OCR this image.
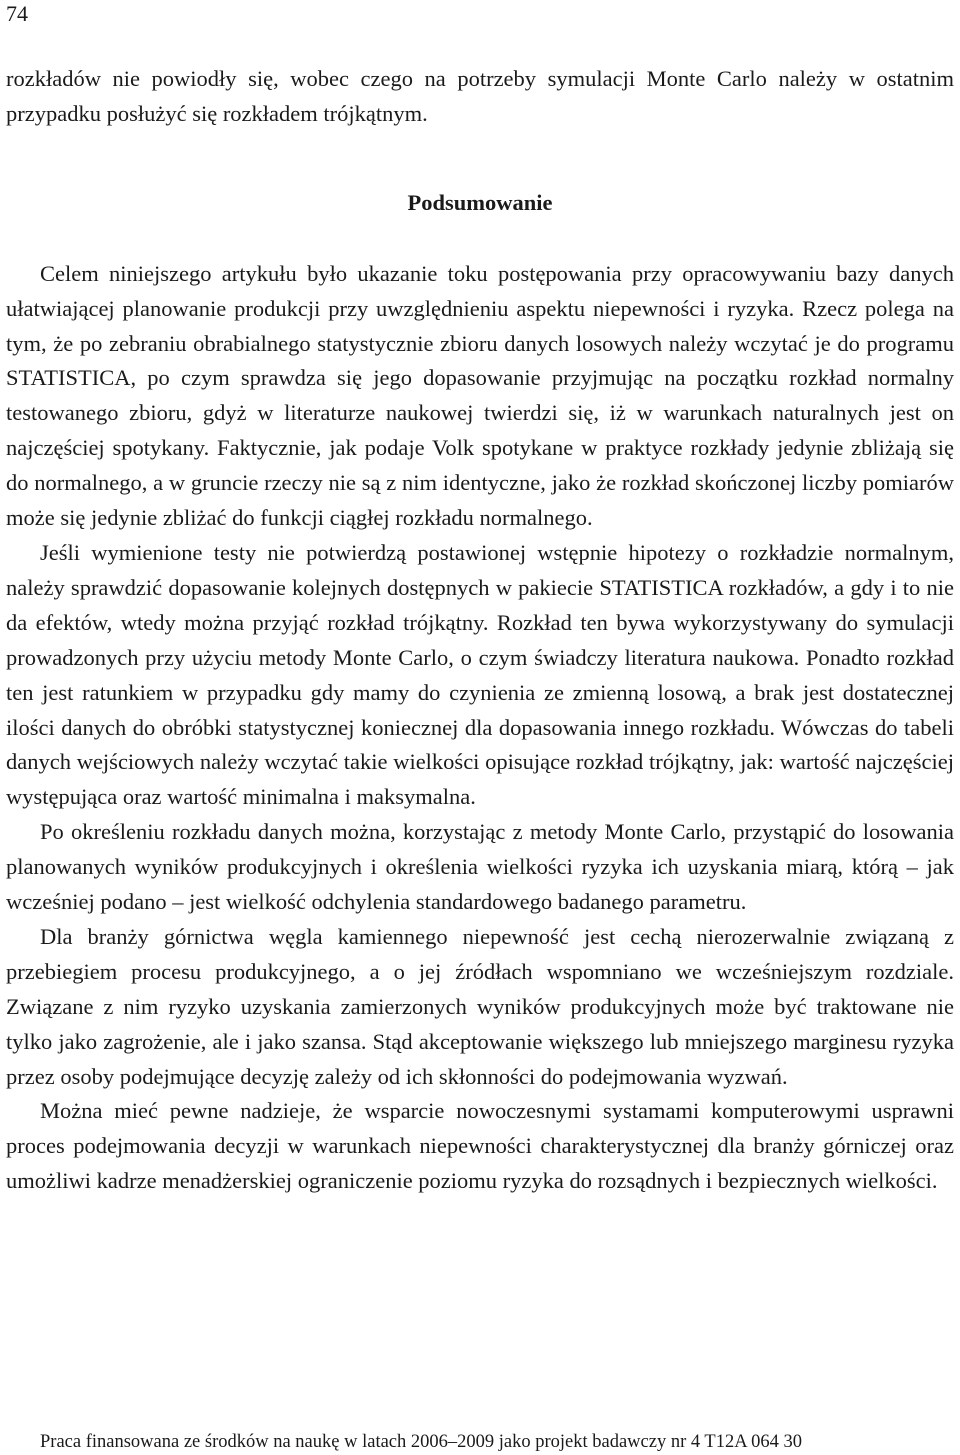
74

rozkładów nie powiodły się, wobec czego na potrzeby symulacji Monte Carlo należy w ostatnim przypadku posłużyć się rozkładem trójkątnym.

Podsumowanie

Celem niniejszego artykułu było ukazanie toku postępowania przy opracowywaniu bazy danych ułatwiającej planowanie produkcji przy uwzględnieniu aspektu niepewności i ryzyka. Rzecz polega na tym, że po zebraniu obrabialnego statystycznie zbioru danych losowych należy wczytać je do programu STATISTICA, po czym sprawdza się jego dopasowanie przyjmując na początku rozkład normalny testowanego zbioru, gdyż w literaturze naukowej twierdzi się, iż w warunkach naturalnych jest on najczęściej spotykany. Faktycznie, jak podaje Volk spotykane w praktyce rozkłady jedynie zbliżają się do normalnego, a w gruncie rzeczy nie są z nim identyczne, jako że rozkład skończonej liczby pomiarów może się jedynie zbliżać do funkcji ciągłej rozkładu normalnego.

Jeśli wymienione testy nie potwierdzą postawionej wstępnie hipotezy o rozkładzie normalnym, należy sprawdzić dopasowanie kolejnych dostępnych w pakiecie STATISTICA rozkładów, a gdy i to nie da efektów, wtedy można przyjąć rozkład trójkątny. Rozkład ten bywa wykorzystywany do symulacji prowadzonych przy użyciu metody Monte Carlo, o czym świadczy literatura naukowa. Ponadto rozkład ten jest ratunkiem w przypadku gdy mamy do czynienia ze zmienną losową, a brak jest dostatecznej ilości danych do obróbki statystycznej koniecznej dla dopasowania innego rozkładu. Wówczas do tabeli danych wejściowych należy wczytać takie wielkości opisujące rozkład trójkątny, jak: wartość najczęściej występująca oraz wartość minimalna i maksymalna.

Po określeniu rozkładu danych można, korzystając z metody Monte Carlo, przystąpić do losowania planowanych wyników produkcyjnych i określenia wielkości ryzyka ich uzyskania miarą, którą – jak wcześniej podano – jest wielkość odchylenia standardowego badanego parametru.

Dla branży górnictwa węgla kamiennego niepewność jest cechą nierozerwalnie związaną z przebiegiem procesu produkcyjnego, a o jej źródłach wspomniano we wcześniejszym rozdziale. Związane z nim ryzyko uzyskania zamierzonych wyników produkcyjnych może być traktowane nie tylko jako zagrożenie, ale i jako szansa. Stąd akceptowanie większego lub mniejszego marginesu ryzyka przez osoby podejmujące decyzję zależy od ich skłonności do podejmowania wyzwań.

Można mieć pewne nadzieje, że wsparcie nowoczesnymi systamami komputerowymi usprawni proces podejmowania decyzji w warunkach niepewności charakterystycznej dla branży górniczej oraz umożliwi kadrze menadżerskiej ograniczenie poziomu ryzyka do rozsądnych i bezpiecznych wielkości.

Praca finansowana ze środków na naukę w latach 2006–2009 jako projekt badawczy nr 4 T12A 064 30
